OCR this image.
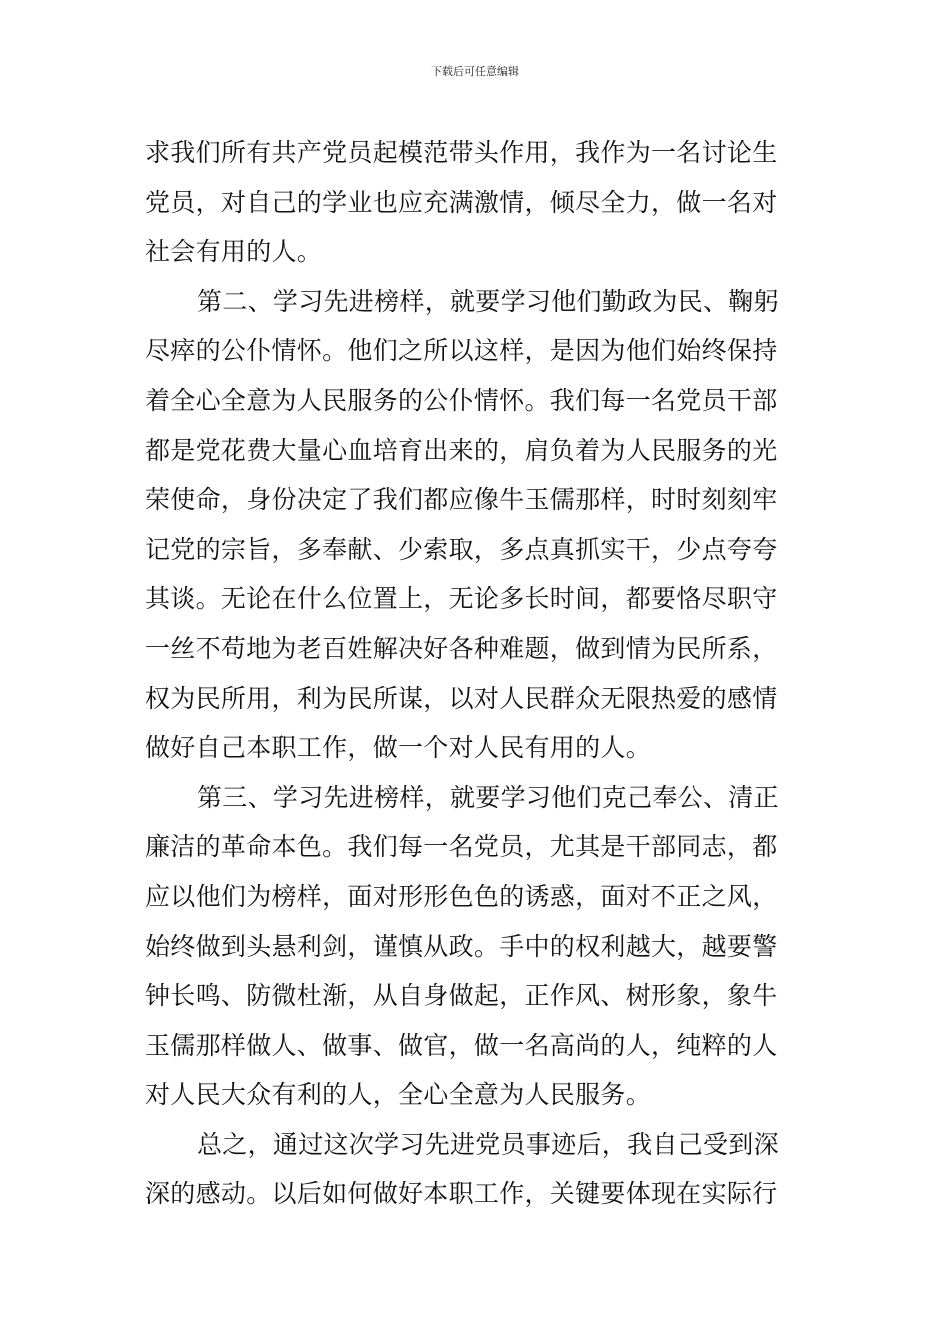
下载后可任意编辑
求我们所有共产党员起模范带头作用，我作为一名讨论生
党员，对自己的学业也应充满激情，倾尽全力，做一名对
社会有用的人。
第二、学习先进榜样，就要学习他们勤政为民、鞠躬
尽瘁的公仆情怀。他们之所以这样，是因为他们始终保持
着全心全意为人民服务的公仆情怀。我们每一名党员干部
都是党花费大量心血培育出来的，肩负着为人民服务的光
荣使命，身份决定了我们都应像牛玉儒那样，时时刻刻牢
记党的宗旨，多奉献、少索取，多点真抓实干，少点夸夸
其谈。无论在什么位置上，无论多长时间，都要恪尽职守
一丝不苟地为老百姓解决好各种难题，做到情为民所系，
权为民所用，利为民所谋，以对人民群众无限热爱的感情
做好自己本职工作，做一个对人民有用的人。
第三、学习先进榜样，就要学习他们克己奉公、清正
廉洁的革命本色。我们每一名党员，尤其是干部同志，都
应以他们为榜样，面对形形色色的诱惑，面对不正之风，
始终做到头悬利剑，谨慎从政。手中的权利越大，越要警
钟长鸣、防微杜渐，从自身做起，正作风、树形象，象牛
玉儒那样做人、做事、做官，做一名高尚的人，纯粹的人
对人民大众有利的人，全心全意为人民服务。
总之，通过这次学习先进党员事迹后，我自己受到深
深的感动。以后如何做好本职工作，关键要体现在实际行
